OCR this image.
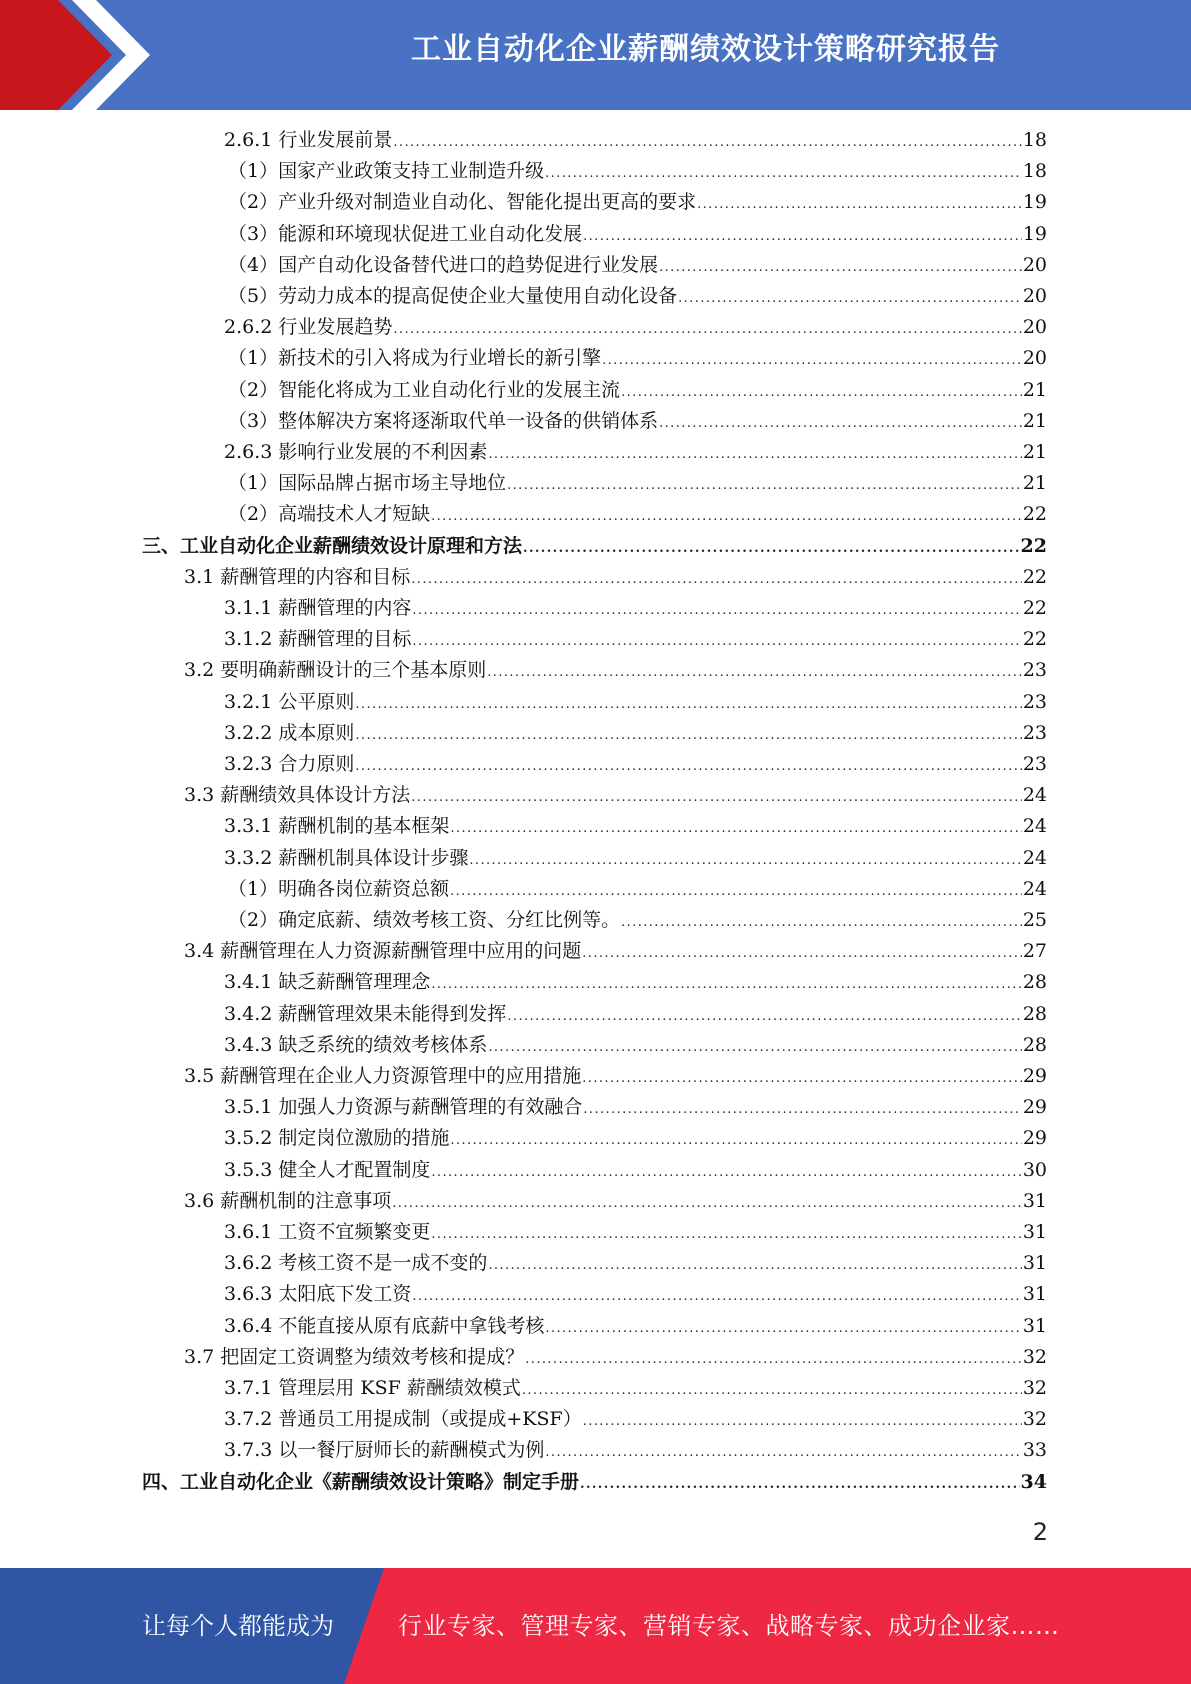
工业自动化企业薪酬绩效设计策略研究报告
2.6.1 行业发展前景 .....	18
（1）国家产业政策支持工业制造升级 .....	18
（2）产业升级对制造业自动化、智能化提出更高的要求 .....	19
（3）能源和环境现状促进工业自动化发展 .....	19
（4）国产自动化设备替代进口的趋势促进行业发展 .....	20
（5）劳动力成本的提高促使企业大量使用自动化设备 .....	20
2.6.2 行业发展趋势 .....	20
（1）新技术的引入将成为行业增长的新引擎 .....	20
（2）智能化将成为工业自动化行业的发展主流 .....	21
（3）整体解决方案将逐渐取代单一设备的供销体系 .....	21
2.6.3 影响行业发展的不利因素 .....	21
（1）国际品牌占据市场主导地位 .....	21
（2）高端技术人才短缺 .....	22
三、工业自动化企业薪酬绩效设计原理和方法 .....	22
3.1 薪酬管理的内容和目标 .....	22
3.1.1 薪酬管理的内容 .....	22
3.1.2 薪酬管理的目标 .....	22
3.2 要明确薪酬设计的三个基本原则 .....	23
3.2.1 公平原则 .....	23
3.2.2 成本原则 .....	23
3.2.3 合力原则 .....	23
3.3 薪酬绩效具体设计方法 .....	24
3.3.1 薪酬机制的基本框架 .....	24
3.3.2 薪酬机制具体设计步骤 .....	24
（1）明确各岗位薪资总额 .....	24
（2）确定底薪、绩效考核工资、分红比例等。 .....	25
3.4 薪酬管理在人力资源薪酬管理中应用的问题 .....	27
3.4.1 缺乏薪酬管理理念 .....	28
3.4.2 薪酬管理效果未能得到发挥 .....	28
3.4.3 缺乏系统的绩效考核体系 .....	28
3.5 薪酬管理在企业人力资源管理中的应用措施 .....	29
3.5.1 加强人力资源与薪酬管理的有效融合 .....	29
3.5.2 制定岗位激励的措施 .....	29
3.5.3 健全人才配置制度 .....	30
3.6 薪酬机制的注意事项 .....	31
3.6.1 工资不宜频繁变更 .....	31
3.6.2 考核工资不是一成不变的 .....	31
3.6.3 太阳底下发工资 .....	31
3.6.4 不能直接从原有底薪中拿钱考核 .....	31
3.7 把固定工资调整为绩效考核和提成？ .....	32
3.7.1 管理层用 KSF 薪酬绩效模式 .....	32
3.7.2 普通员工用提成制（或提成+KSF） .....	32
3.7.3 以一餐厅厨师长的薪酬模式为例 .....	33
四、工业自动化企业《薪酬绩效设计策略》制定手册 .....	34
2
让每个人都能成为	行业专家、管理专家、营销专家、战略专家、成功企业家……
